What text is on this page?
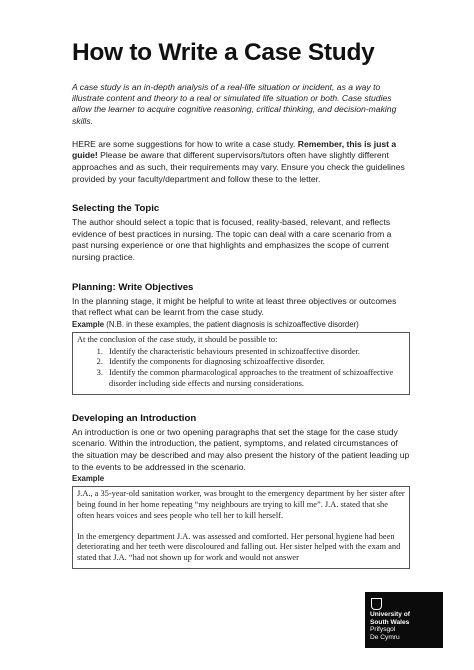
How to Write a Case Study

A case study is an in-depth analysis of a real-life situation or incident, as a way to illustrate content and theory to a real or simulated life situation or both. Case studies allow the learner to acquire cognitive reasoning, critical thinking, and decision-making skills.

HERE are some suggestions for how to write a case study. Remember, this is just a guide! Please be aware that different supervisors/tutors often have slightly different approaches and as such, their requirements may vary. Ensure you check the guidelines provided by your faculty/department and follow these to the letter.

Selecting the Topic

The author should select a topic that is focused, reality-based, relevant, and reflects evidence of best practices in nursing. The topic can deal with a care scenario from a past nursing experience or one that highlights and emphasizes the scope of current nursing practice.

Planning: Write Objectives

In the planning stage, it might be helpful to write at least three objectives or outcomes that reflect what can be learnt from the case study.

Example (N.B. in these examples, the patient diagnosis is schizoaffective disorder)

At the conclusion of the case study, it should be possible to:

1. Identify the characteristic behaviours presented in schizoaffective disorder.
2. Identify the components for diagnosing schizoaffective disorder.
3. Identify the common pharmacological approaches to the treatment of schizoaffective disorder including side effects and nursing considerations.
Developing an Introduction

An introduction is one or two opening paragraphs that set the stage for the case study scenario. Within the introduction, the patient, symptoms, and related circumstances of the situation may be described and may also present the history of the patient leading up to the events to be addressed in the scenario.

Example

J.A., a 35-year-old sanitation worker, was brought to the emergency department by her sister after being found in her home repeating “my neighbours are trying to kill me”. J.A. stated that she often hears voices and sees people who tell her to kill herself.

In the emergency department J.A. was assessed and comforted. Her personal hygiene had been deteriorating and her teeth were discoloured and falling out. Her sister helped with the exam and stated that J.A. “had not shown up for work and would not answer

University of
South Wales
Prifysgol
De Cymru
